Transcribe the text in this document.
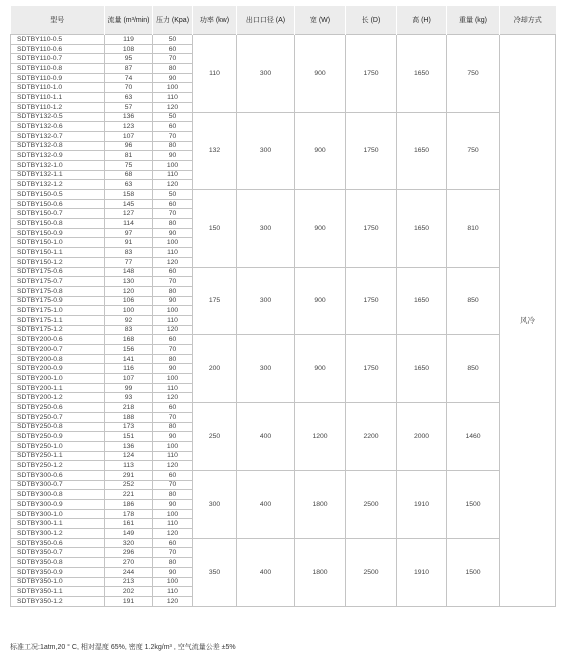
型号	流量 (m³/min)	压力 (Kpa)	功率 (kw)	出口口径 (A)	宽 (W)	长 (D)	高 (H)	重量 (kg)	冷却方式
SDTBY110-0.5	119	50	110	300	900	1750	1650	750	风冷
SDTBY110-0.6	108	60							
SDTBY110-0.7	95	70							
SDTBY110-0.8	87	80							
SDTBY110-0.9	74	90							
SDTBY110-1.0	70	100							
SDTBY110-1.1	63	110							
SDTBY110-1.2	57	120							
SDTBY132-0.5	136	50	132	300	900	1750	1650	750	
SDTBY132-0.6	123	60							
SDTBY132-0.7	107	70							
SDTBY132-0.8	96	80							
SDTBY132-0.9	81	90							
SDTBY132-1.0	75	100							
SDTBY132-1.1	68	110							
SDTBY132-1.2	63	120							
SDTBY150-0.5	158	50	150	300	900	1750	1650	810	
SDTBY150-0.6	145	60							
SDTBY150-0.7	127	70							
SDTBY150-0.8	114	80							
SDTBY150-0.9	97	90							
SDTBY150-1.0	91	100							
SDTBY150-1.1	83	110							
SDTBY150-1.2	77	120							
SDTBY175-0.6	148	60	175	300	900	1750	1650	850	
SDTBY175-0.7	130	70							
SDTBY175-0.8	120	80							
SDTBY175-0.9	106	90							
SDTBY175-1.0	100	100							
SDTBY175-1.1	92	110							
SDTBY175-1.2	83	120							
SDTBY200-0.6	168	60	200	300	900	1750	1650	850	
SDTBY200-0.7	156	70							
SDTBY200-0.8	141	80							
SDTBY200-0.9	116	90							
SDTBY200-1.0	107	100							
SDTBY200-1.1	99	110							
SDTBY200-1.2	93	120							
SDTBY250-0.6	218	60	250	400	1200	2200	2000	1460	
SDTBY250-0.7	188	70							
SDTBY250-0.8	173	80							
SDTBY250-0.9	151	90							
SDTBY250-1.0	136	100							
SDTBY250-1.1	124	110							
SDTBY250-1.2	113	120							
SDTBY300-0.6	291	60	300	400	1800	2500	1910	1500	
SDTBY300-0.7	252	70							
SDTBY300-0.8	221	80							
SDTBY300-0.9	186	90							
SDTBY300-1.0	178	100							
SDTBY300-1.1	161	110							
SDTBY300-1.2	149	120							
SDTBY350-0.6	320	60	350	400	1800	2500	1910	1500	
SDTBY350-0.7	296	70							
SDTBY350-0.8	270	80							
SDTBY350-0.9	244	90							
SDTBY350-1.0	213	100							
SDTBY350-1.1	202	110							
SDTBY350-1.2	191	120							
标准工况:1atm,20 ° C, 相对湿度 65%, 密度 1.2kg/m³ , 空气流量公差 ±5%
